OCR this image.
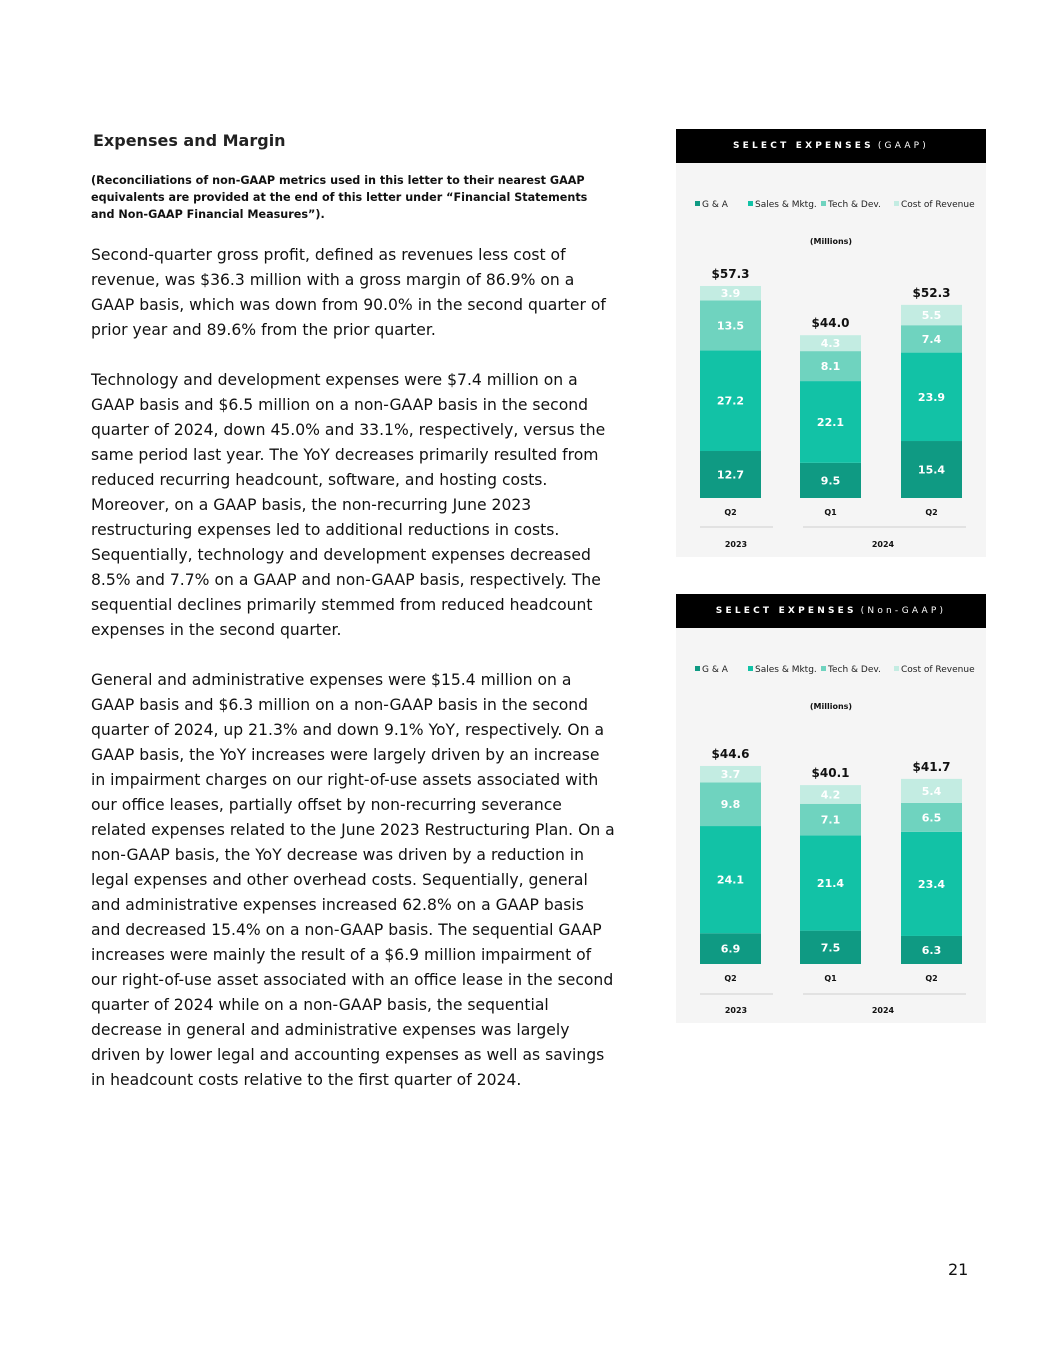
Expenses and Margin
(Reconciliations of non-GAAP metrics used in this letter to their nearest GAAP equivalents are provided at the end of this letter under “Financial Statements and Non-GAAP Financial Measures”).

Second-quarter gross profit, defined as revenues less cost of revenue, was $36.3 million with a gross margin of 86.9% on a GAAP basis, which was down from 90.0% in the second quarter of prior year and 89.6% from the prior quarter.

Technology and development expenses were $7.4 million on a GAAP basis and $6.5 million on a non-GAAP basis in the second quarter of 2024, down 45.0% and 33.1%, respectively, versus the same period last year. The YoY decreases primarily resulted from reduced recurring headcount, software, and hosting costs. Moreover, on a GAAP basis, the non-recurring June 2023 restructuring expenses led to additional reductions in costs. Sequentially, technology and development expenses decreased 8.5% and 7.7% on a GAAP and non-GAAP basis, respectively. The sequential declines primarily stemmed from reduced headcount expenses in the second quarter.

General and administrative expenses were $15.4 million on a GAAP basis and $6.3 million on a non-GAAP basis in the second quarter of 2024, up 21.3% and down 9.1% YoY, respectively. On a GAAP basis, the YoY increases were largely driven by an increase in impairment charges on our right-of-use assets associated with our office leases, partially offset by non-recurring severance related expenses related to the June 2023 Restructuring Plan. On a non-GAAP basis, the YoY decrease was driven by a reduction in legal expenses and other overhead costs. Sequentially, general and administrative expenses increased 62.8% on a GAAP basis and decreased 15.4% on a non-GAAP basis. The sequential GAAP increases were mainly the result of a $6.9 million impairment of our right-of-use asset associated with an office lease in the second quarter of 2024 while on a non-GAAP basis, the sequential decrease in general and administrative expenses was largely driven by lower legal and accounting expenses as well as savings in headcount costs relative to the first quarter of 2024.

21
SELECT EXPENSES (GAAP)
G & A	Sales & Mktg. Tech & Dev. Cost of Revenue
(Millions)
12.7
27.2
13.5
3.9
$57.3
Q2
9.5
22.1
8.1
4.3
$44.0
Q1
15.4
23.9
7.4
5.5
$52.3
Q2
2023	2024
SELECT EXPENSES (Non-GAAP)
G & A	Sales & Mktg. Tech & Dev. Cost of Revenue
(Millions)
6.9
24.1
9.8
3.7
$44.6
Q2
7.5
21.4
7.1
4.2
$40.1
Q1
6.3
23.4
6.5
5.4
$41.7
Q2
2023	2024
